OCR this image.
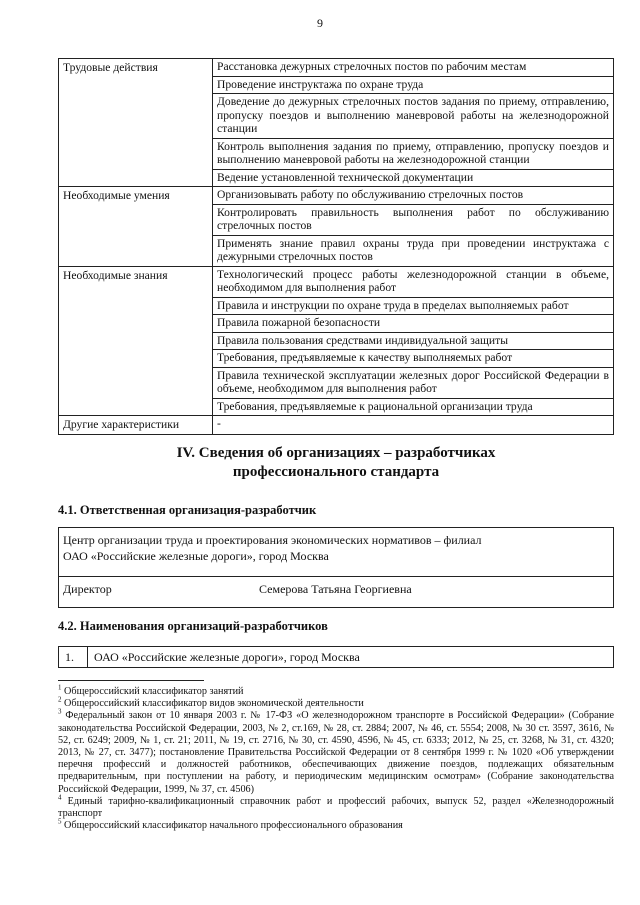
9
Трудовые действия	Расстановка дежурных стрелочных постов по рабочим местам
	Проведение инструктажа по охране труда
	Доведение до дежурных стрелочных постов задания по приему, отправлению, пропуску поездов и выполнению маневровой работы на железнодорожной станции
	Контроль выполнения задания по приему, отправлению, пропуску поездов и выполнению маневровой работы на железнодорожной станции
	Ведение установленной технической документации
Необходимые умения	Организовывать работу по обслуживанию стрелочных постов
	Контролировать правильность выполнения работ по обслуживанию стрелочных постов
	Применять знание правил охраны труда при проведении инструктажа с дежурными стрелочных постов
Необходимые знания	Технологический процесс работы железнодорожной станции в объеме, необходимом для выполнения работ
	Правила и инструкции по охране труда в пределах выполняемых работ
	Правила пожарной безопасности
	Правила пользования средствами индивидуальной защиты
	Требования, предъявляемые к качеству выполняемых работ
	Правила технической эксплуатации железных дорог Российской Федерации в объеме, необходимом для выполнения работ
	Требования, предъявляемые к рациональной организации труда
Другие характеристики	-
IV. Сведения об организациях – разработчиках
профессионального стандарта
4.1. Ответственная организация-разработчик
Центр организации труда и проектирования экономических нормативов – филиал
ОАО «Российские железные дороги», город Москва

Директор	Семерова Татьяна Георгиевна
4.2. Наименования организаций-разработчиков
1.	ОАО «Российские железные дороги», город Москва
$^1$ Общероссийский классификатор занятий
$^2$ Общероссийский классификатор видов экономической деятельности
$^3$ Федеральный закон от 10 января 2003 г. № 17-ФЗ «О железнодорожном транспорте в Российской Федерации» (Собрание законодательства Российской Федерации, 2003, № 2, ст.169, № 28, ст. 2884; 2007, № 46, ст. 5554; 2008, № 30 ст. 3597, 3616, № 52, ст. 6249; 2009, № 1, ст. 21; 2011, № 19, ст. 2716, № 30, ст. 4590, 4596, № 45, ст. 6333; 2012, № 25, ст. 3268, № 31, ст. 4320; 2013, № 27, ст. 3477); постановление Правительства Российской Федерации от 8 сентября 1999 г. № 1020 «Об утверждении перечня профессий и должностей работников, обеспечивающих движение поездов, подлежащих обязательным предварительным, при поступлении на работу, и периодическим медицинским осмотрам» (Собрание законодательства Российской Федерации, 1999, № 37, ст. 4506)
$^4$ Единый тарифно-квалификационный справочник работ и профессий рабочих, выпуск 52, раздел «Железнодорожный транспорт
$^5$ Общероссийский классификатор начального профессионального образования
